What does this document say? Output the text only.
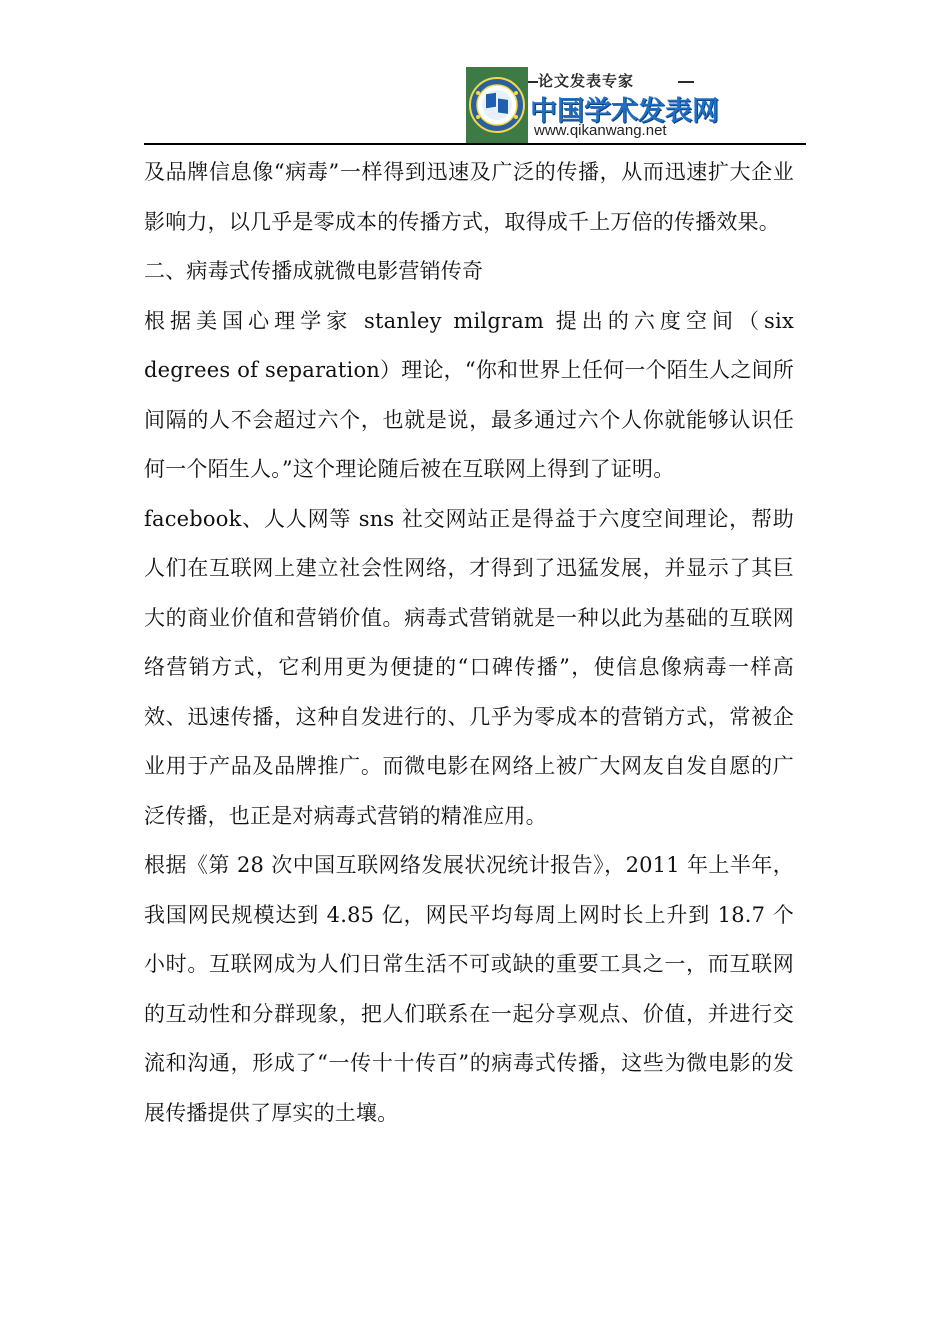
论文发表专家
中国学术发表网
www.qikanwang.net

及品牌信息像“病毒”一样得到迅速及广泛的传播，从而迅速扩大企业影响力，以几乎是零成本的传播方式，取得成千上万倍的传播效果。

二、病毒式传播成就微电影营销传奇

根据美国心理学家 stanley milgram 提出的六度空间（six degrees of separation）理论，“你和世界上任何一个陌生人之间所间隔的人不会超过六个，也就是说，最多通过六个人你就能够认识任何一个陌生人。”这个理论随后被在互联网上得到了证明。

facebook、人人网等 sns 社交网站正是得益于六度空间理论，帮助人们在互联网上建立社会性网络，才得到了迅猛发展，并显示了其巨大的商业价值和营销价值。病毒式营销就是一种以此为基础的互联网络营销方式，它利用更为便捷的“口碑传播”，使信息像病毒一样高效、迅速传播，这种自发进行的、几乎为零成本的营销方式，常被企业用于产品及品牌推广。而微电影在网络上被广大网友自发自愿的广泛传播，也正是对病毒式营销的精准应用。

根据《第 28 次中国互联网络发展状况统计报告》，2011 年上半年，我国网民规模达到 4.85 亿，网民平均每周上网时长上升到 18.7 个小时。互联网成为人们日常生活不可或缺的重要工具之一，而互联网的互动性和分群现象，把人们联系在一起分享观点、价值，并进行交流和沟通，形成了“一传十十传百”的病毒式传播，这些为微电影的发展传播提供了厚实的土壤。
